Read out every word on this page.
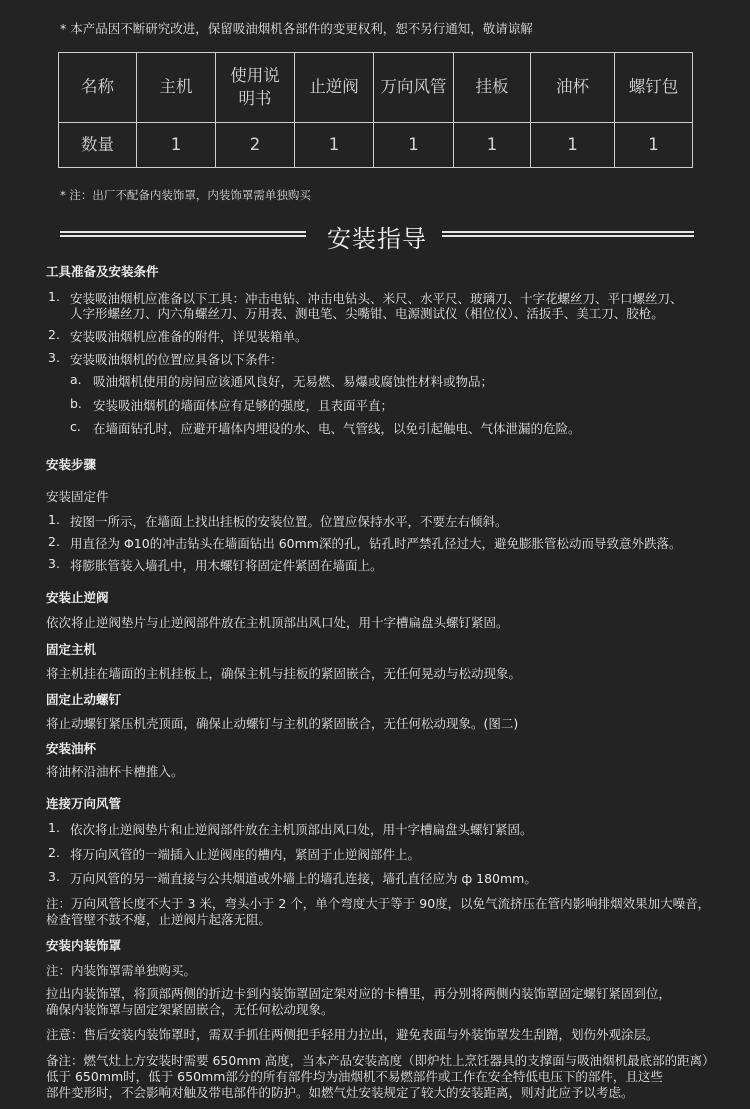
* 本产品因不断研究改进，保留吸油烟机各部件的变更权利，恕不另行通知，敬请谅解
名称	主机	使用说明书	止逆阀	万向风管	挂板	油杯	螺钉包
数量	1	2	1	1	1	1	1
* 注：出厂不配备内装饰罩，内装饰罩需单独购买
安装指导
工具准备及安装条件
1. 安装吸油烟机应准备以下工具：冲击电钻、冲击电钻头、米尺、水平尺、玻璃刀、十字花螺丝刀、平口螺丝刀、
人字形螺丝刀、内六角螺丝刀、万用表、测电笔、尖嘴钳、电源测试仪（相位仪）、活扳手、美工刀、胶枪。
2. 安装吸油烟机应准备的附件，详见装箱单。
3. 安装吸油烟机的位置应具备以下条件：
a. 吸油烟机使用的房间应该通风良好，无易燃、易爆或腐蚀性材料或物品；
b. 安装吸油烟机的墙面体应有足够的强度，且表面平直；
c. 在墙面钻孔时，应避开墙体内埋设的水、电、气管线，以免引起触电、气体泄漏的危险。
安装步骤
安装固定件
1. 按图一所示，在墙面上找出挂板的安装位置。位置应保持水平，不要左右倾斜。
2. 用直径为 Φ10的冲击钻头在墙面钻出 60mm深的孔，钻孔时严禁孔径过大，避免膨胀管松动而导致意外跌落。
3. 将膨胀管装入墙孔中，用木螺钉将固定件紧固在墙面上。
安装止逆阀
依次将止逆阀垫片与止逆阀部件放在主机顶部出风口处，用十字槽扁盘头螺钉紧固。
固定主机
将主机挂在墙面的主机挂板上，确保主机与挂板的紧固嵌合，无任何晃动与松动现象。
固定止动螺钉
将止动螺钉紧压机壳顶面，确保止动螺钉与主机的紧固嵌合，无任何松动现象。(图二)
安装油杯
将油杯沿油杯卡槽推入。
连接万向风管
1. 依次将止逆阀垫片和止逆阀部件放在主机顶部出风口处，用十字槽扁盘头螺钉紧固。
2. 将万向风管的一端插入止逆阀座的槽内，紧固于止逆阀部件上。
3. 万向风管的另一端直接与公共烟道或外墙上的墙孔连接，墙孔直径应为 ф 180mm。
注：万向风管长度不大于 3 米，弯头小于 2 个，单个弯度大于等于 90度，以免气流挤压在管内影响排烟效果加大噪音，
检查管壁不鼓不瘪，止逆阀片起落无阻。
安装内装饰罩
注：内装饰罩需单独购买。
拉出内装饰罩，将顶部两侧的折边卡到内装饰罩固定架对应的卡槽里，再分别将两侧内装饰罩固定螺钉紧固到位，
确保内装饰罩与固定架紧固嵌合，无任何松动现象。
注意：售后安装内装饰罩时，需双手抓住两侧把手轻用力拉出，避免表面与外装饰罩发生刮蹭，划伤外观涂层。
备注：燃气灶上方安装时需要 650mm 高度，当本产品安装高度（即炉灶上烹饪器具的支撑面与吸油烟机最底部的距离）
低于 650mm时，低于 650mm部分的所有部件均为油烟机不易燃部件或工作在安全特低电压下的部件，且这些
部件变形时，不会影响对触及带电部件的防护。如燃气灶安装规定了较大的安装距离，则对此应予以考虑。
